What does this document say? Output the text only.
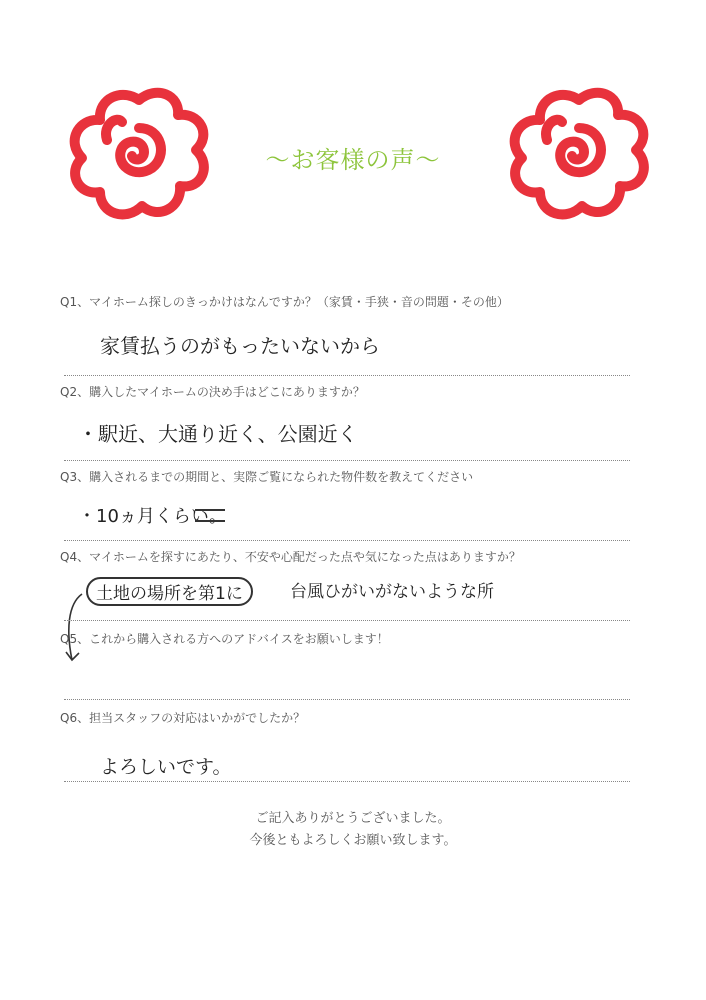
～お客様の声～
Q1、マイホーム探しのきっかけはなんですか？（家賃・手狭・音の問題・その他）
家賃払うのがもったいないから
Q2、購入したマイホームの決め手はどこにありますか？
・駅近、大通り近く、公園近く
Q3、購入されるまでの期間と、実際ご覧になられた物件数を教えてください
・10ヵ月くらい。
Q4、マイホームを探すにあたり、不安や心配だった点や気になった点はありますか？
土地の場所を第1に	台風ひがいがないような所
Q5、これから購入される方へのアドバイスをお願いします！
Q6、担当スタッフの対応はいかがでしたか？
よろしいです。
ご記入ありがとうございました。
今後ともよろしくお願い致します。
